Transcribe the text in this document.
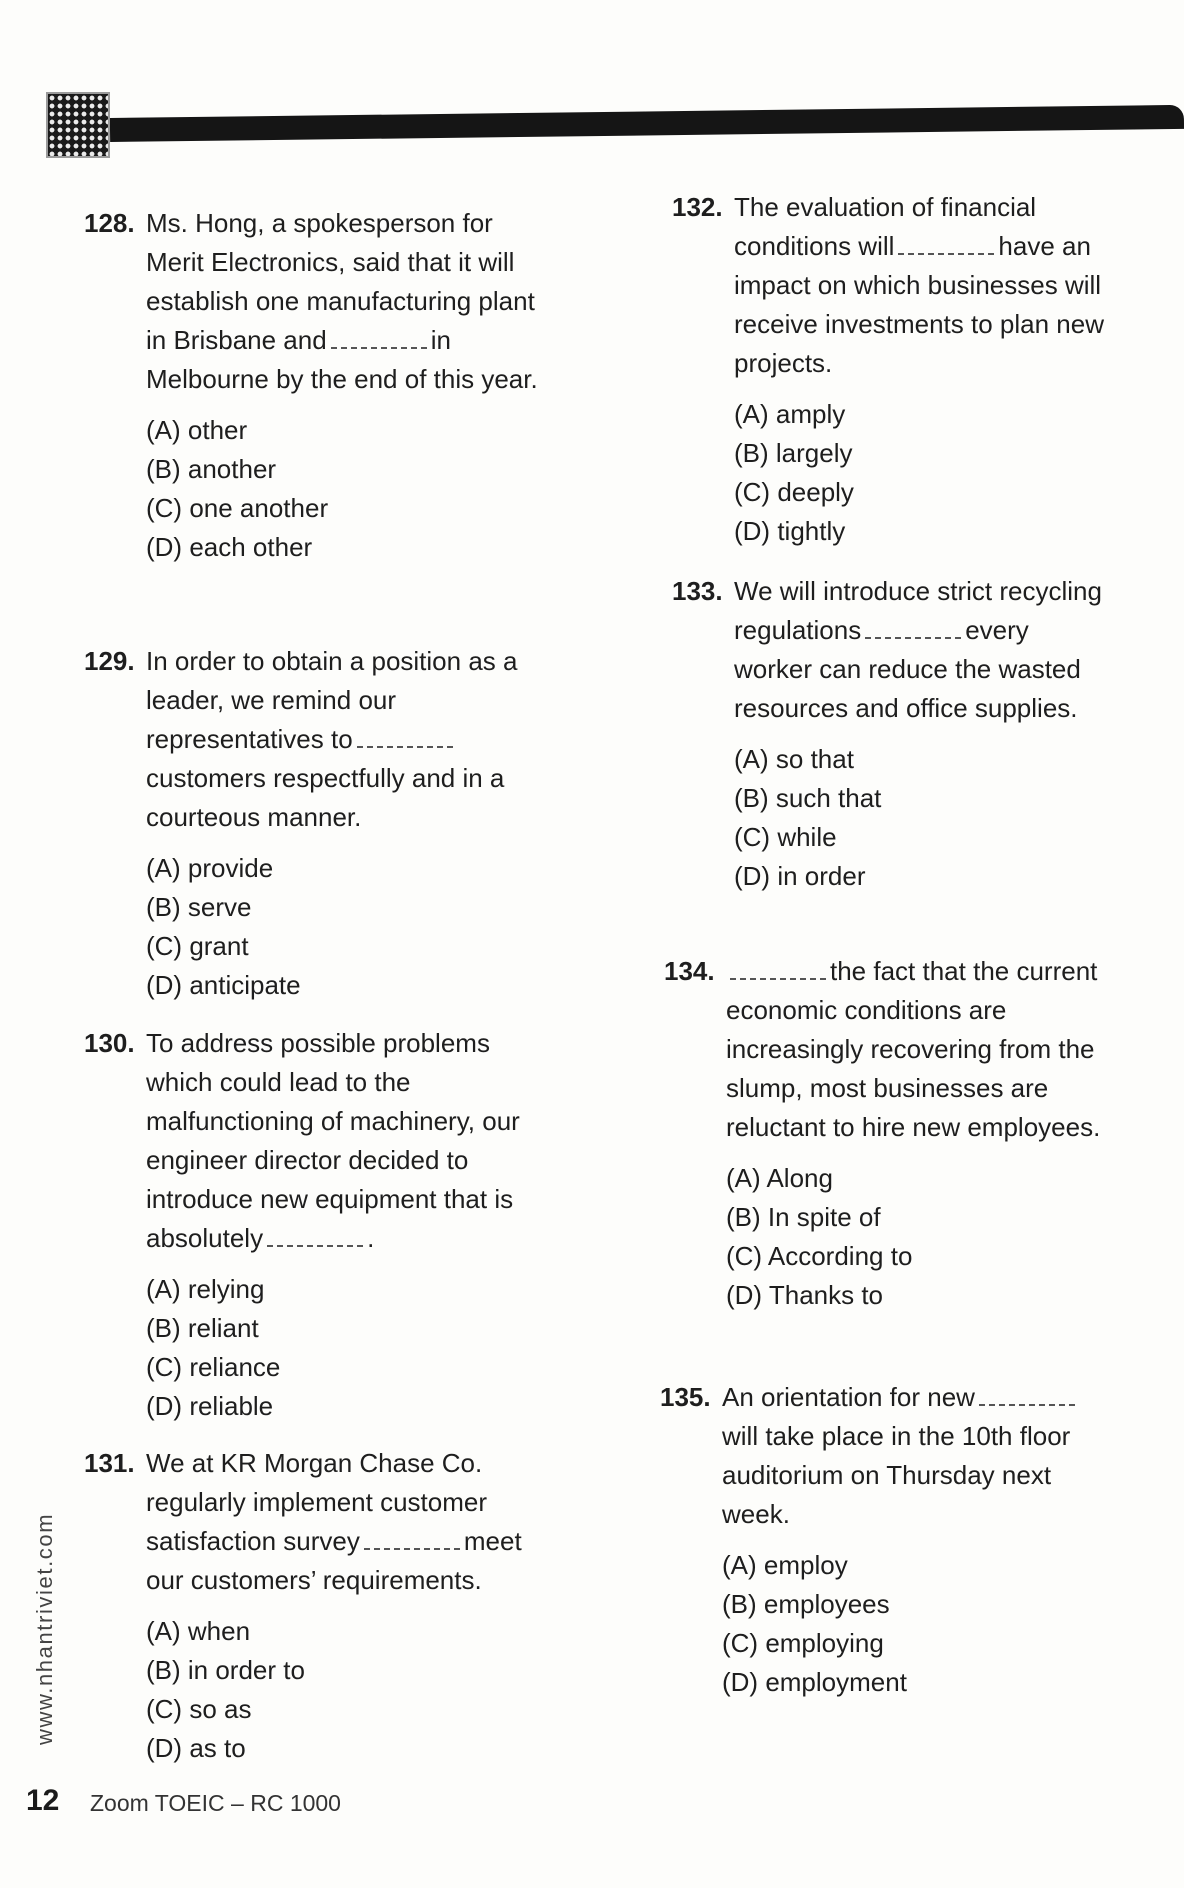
128. Ms. Hong, a spokesperson for Merit Electronics, said that it will establish one manufacturing plant in Brisbane and	in Melbourne by the end of this year.
(A) other
(B) another
(C) one another
(D) each other
129. In order to obtain a position as a leader, we remind our representatives tocustomers respectfully and in a courteous manner.
(A) provide
(B) serve
(C) grant
(D) anticipate
130. To address possible problems which could lead to the malfunctioning of machinery, our engineer director decided to introduce new equipment that is absolutely	.
(A) relying
(B) reliant
(C) reliance
(D) reliable
131. We at KR Morgan Chase Co. regularly implement customer satisfaction survey	meet our customers’ requirements.
(A) when
(B) in order to
(C) so as
(D) as to
132. The evaluation of financial conditions will	have an impact on which businesses will receive investments to plan new projects.
(A) amply
(B) largely
(C) deeply
(D) tightly
133. We will introduce strict recycling regulations	every worker can reduce the wasted resources and office supplies.
(A) so that
(B) such that
(C) while
(D) in order
134.	the fact that the current economic conditions are increasingly recovering from the slump, most businesses are reluctant to hire new employees.
(A) Along
(B) In spite of
(C) According to
(D) Thanks to
135. An orientation for newwill take place in the 10th floor auditorium on Thursday next week.
(A) employ
(B) employees
(C) employing
(D) employment
www.nhantriviet.com
12 Zoom TOEIC – RC 1000
